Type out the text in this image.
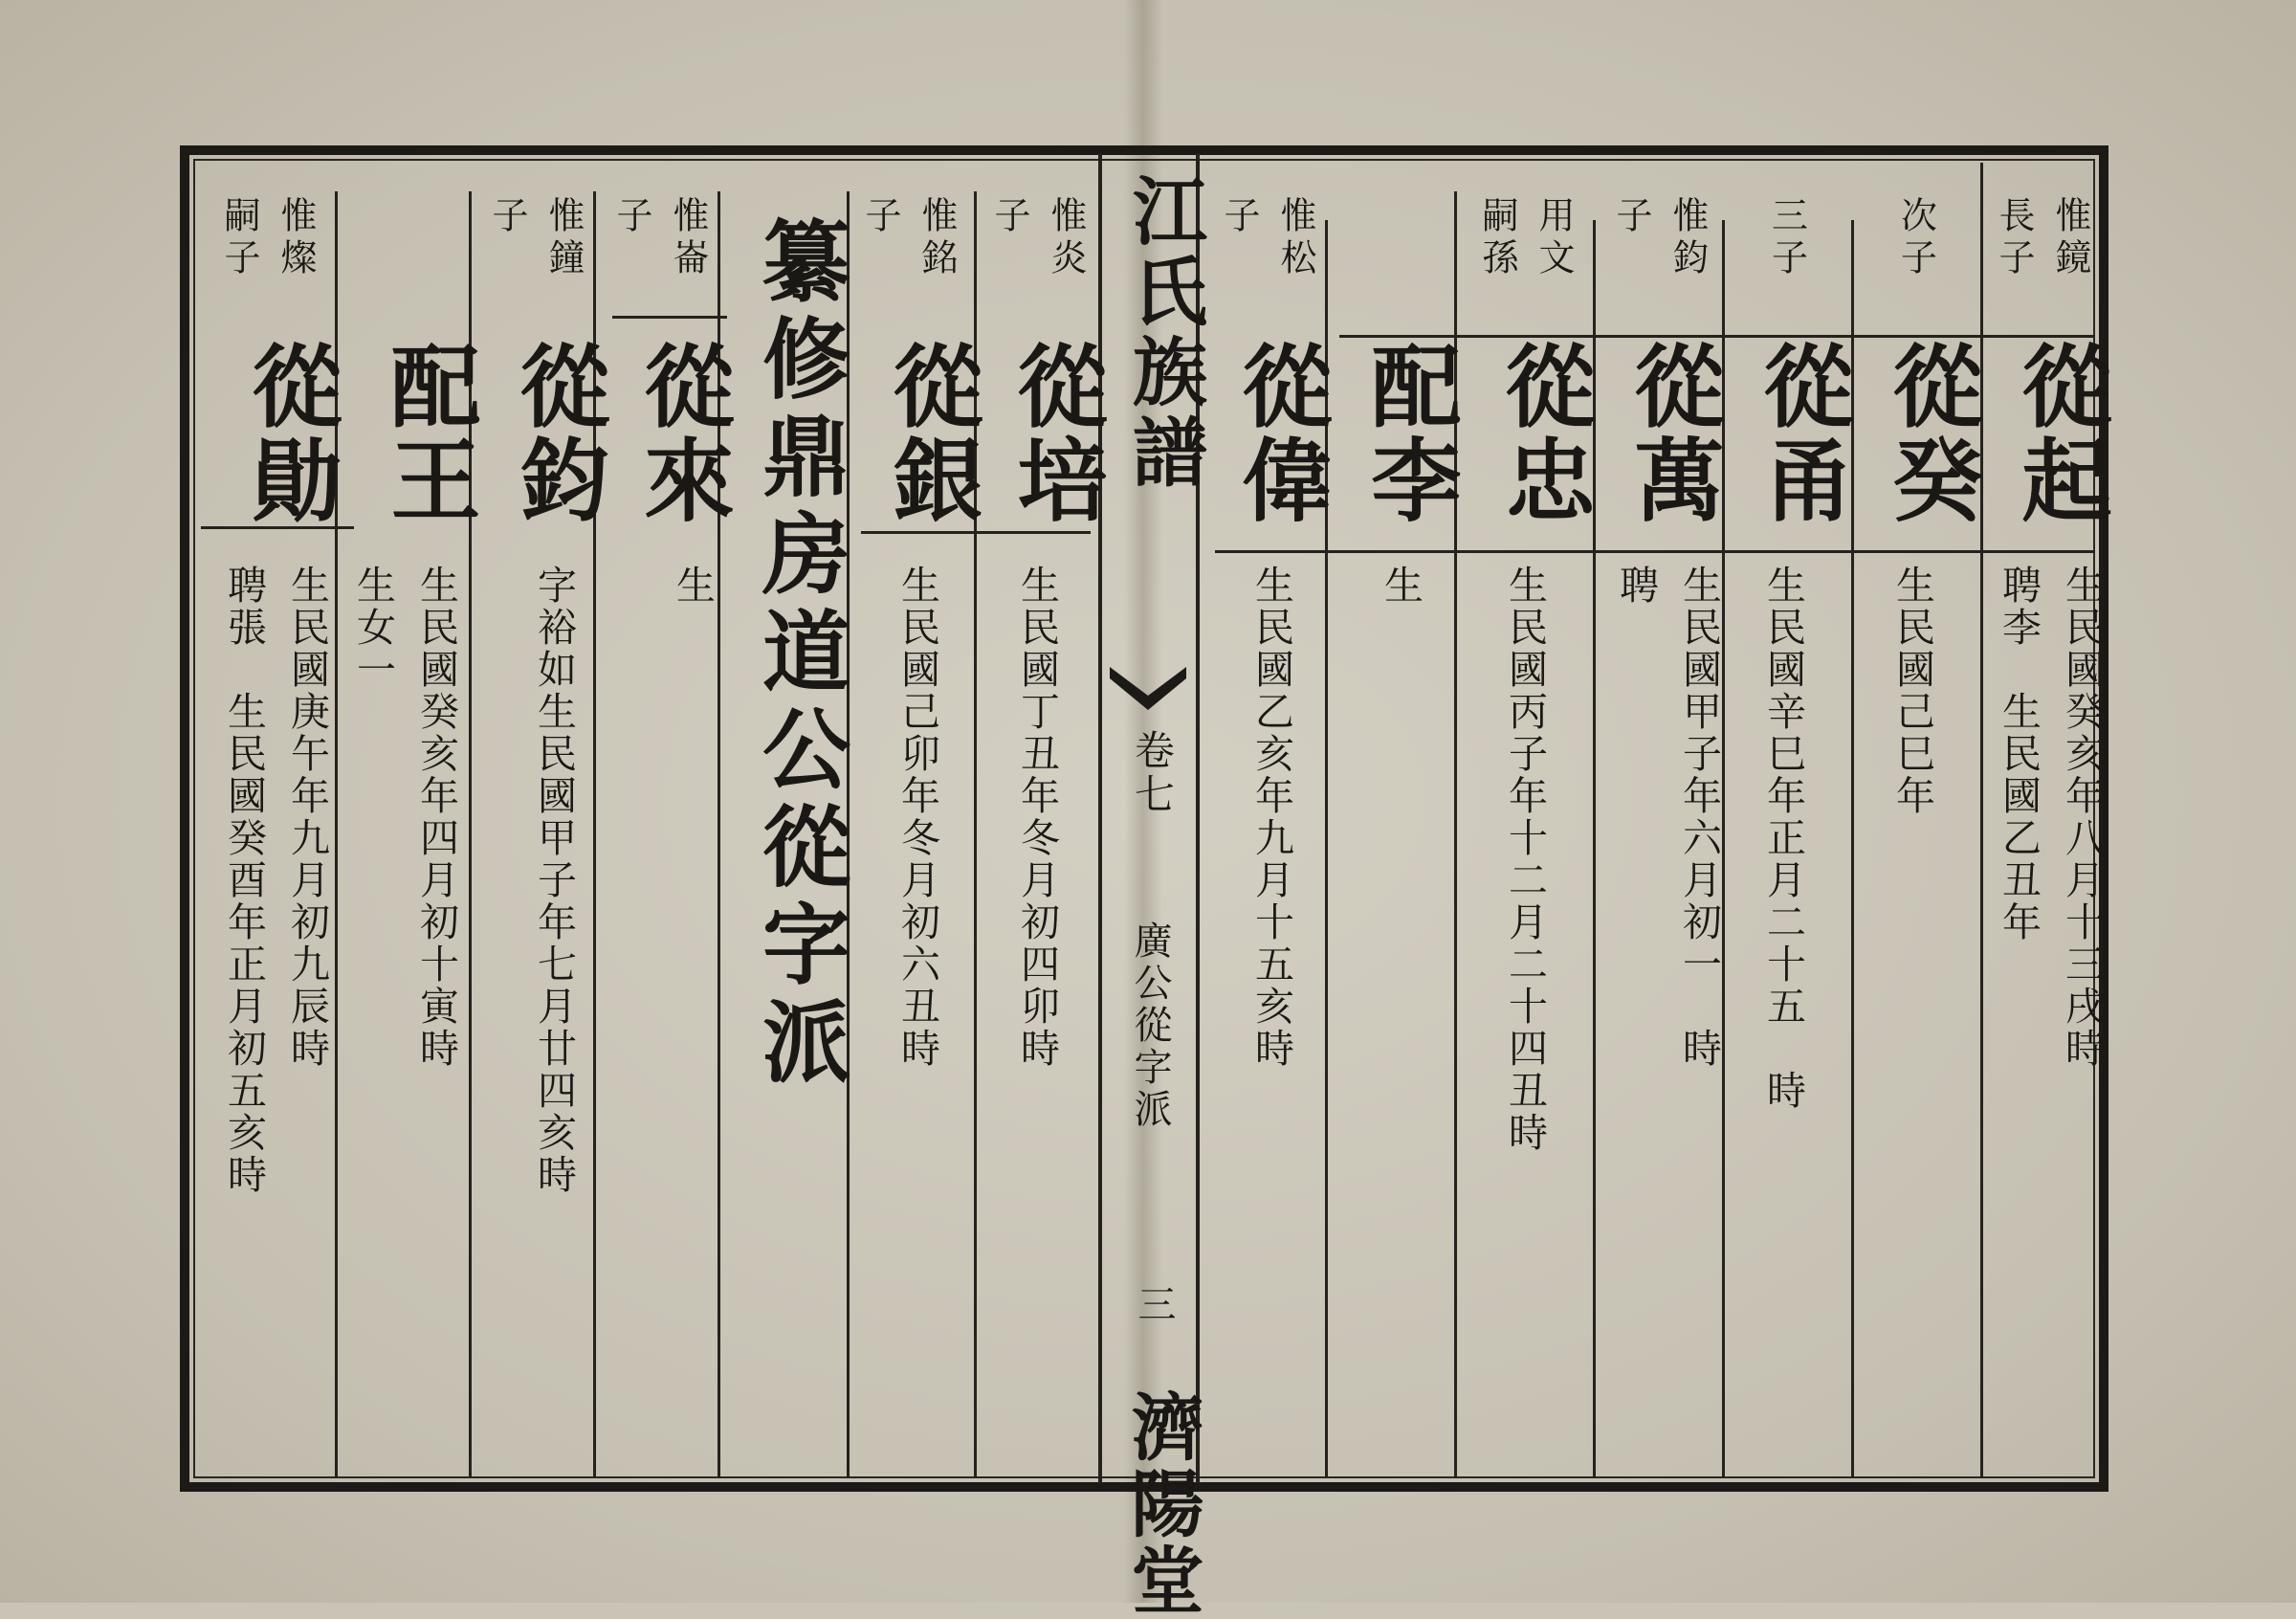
江氏族譜
卷七
廣公從字派
三
濟陽堂
纂修鼎房道公從字派	惟鏡
長子
從起
生民國癸亥年八月十三戌時
聘李　生民國乙丑年
次子
從癸
生民國己巳年
三子
從甬
生民國辛巳年正月二十五　時
惟鈞
子
從萬
生民國甲子年六月初一　時
聘
用文
嗣孫
從忠
生民國丙子年十二月二十四丑時
配李
生
惟松
子
從偉
生民國乙亥年九月十五亥時
惟炎
子
從培
生民國丁丑年冬月初四卯時
惟銘
子
從銀
生民國己卯年冬月初六丑時
惟崙
子
從來
生
惟鐘
子
從鈞
字裕如生民國甲子年七月廿四亥時
配王
生民國癸亥年四月初十寅時
生女一
惟燦
嗣子
從勛
生民國庚午年九月初九辰時
聘張　生民國癸酉年正月初五亥時
